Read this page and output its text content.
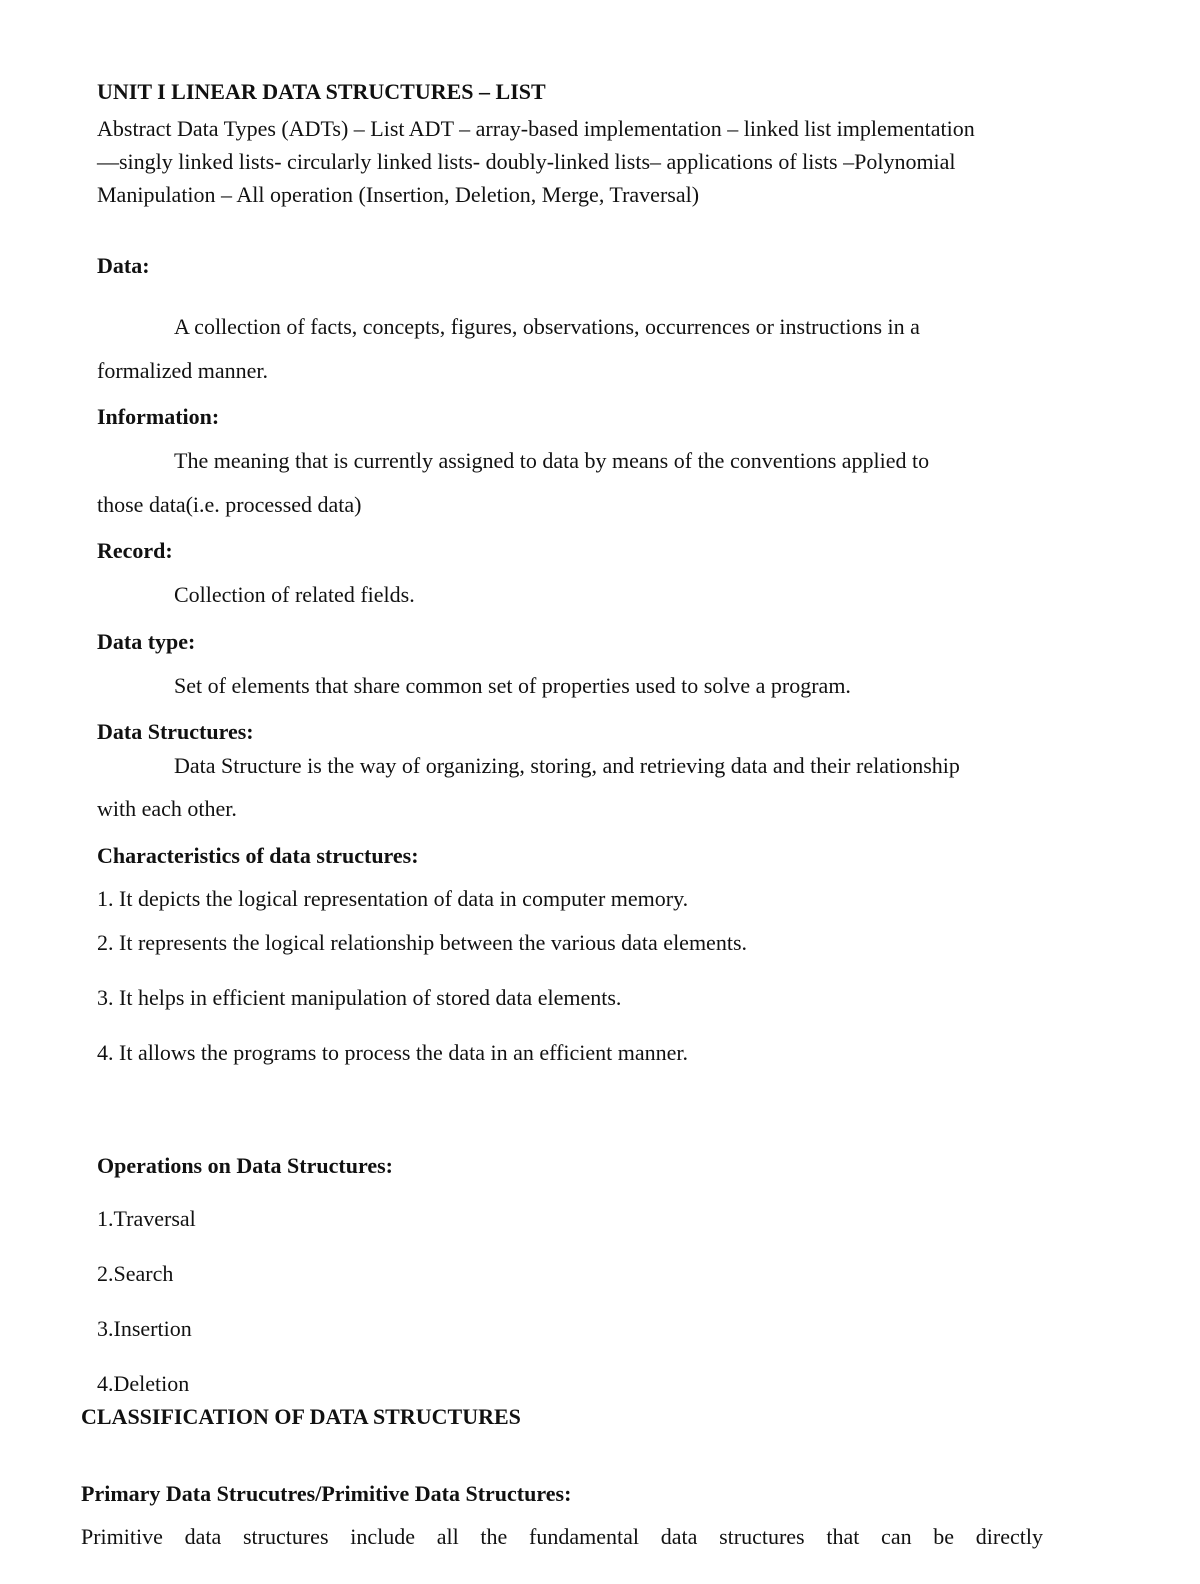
UNIT I LINEAR DATA STRUCTURES – LIST

Abstract Data Types (ADTs) – List ADT – array-based implementation – linked list implementation

—singly linked lists- circularly linked lists- doubly-linked lists– applications of lists –Polynomial

Manipulation – All operation (Insertion, Deletion, Merge, Traversal)

Data:

A collection of facts, concepts, figures, observations, occurrences or instructions in a

formalized manner.

Information:

The meaning that is currently assigned to data by means of the conventions applied to

those data(i.e. processed data)

Record:

Collection of related fields.

Data type:

Set of elements that share common set of properties used to solve a program.

Data Structures:

Data Structure is the way of organizing, storing, and retrieving data and their relationship

with each other.

Characteristics of data structures:

1. It depicts the logical representation of data in computer memory.

2. It represents the logical relationship between the various data elements.

3. It helps in efficient manipulation of stored data elements.

4. It allows the programs to process the data in an efficient manner.

Operations on Data Structures:

1.Traversal

2.Search

3.Insertion

4.Deletion

CLASSIFICATION OF DATA STRUCTURES

Primary Data Strucutres/Primitive Data Structures:

Primitive data structures include all the fundamental data structures that can be directly
